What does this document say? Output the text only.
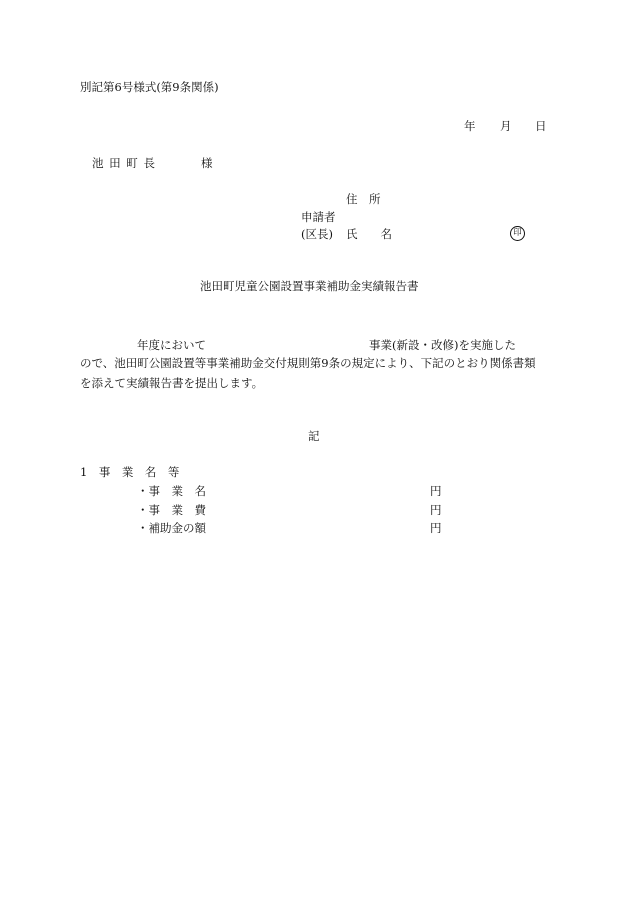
別記第6号様式(第9条関係)
年 月 日
池 田 町 長	様
住　所
申請者
(区長) 氏　　名	印
池田町児童公園設置事業補助金実績報告書
年度において	事業(新設・改修)を実施した
ので、池田町公園設置等事業補助金交付規則第9条の規定により、下記のとおり関係書類
を添えて実績報告書を提出します。
記
1　事　業　名　等
・事　業　名	円
・事　業　費	円
・補助金の額	円
